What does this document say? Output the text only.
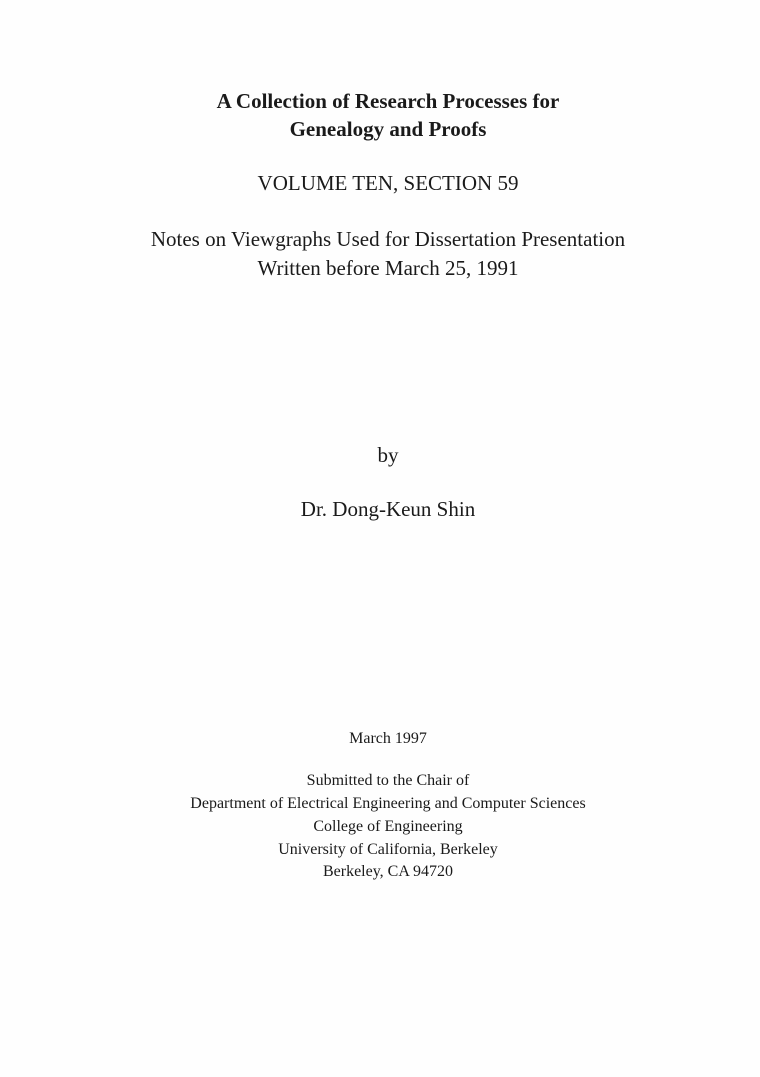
A Collection of Research Processes for
Genealogy and Proofs
VOLUME TEN, SECTION 59
Notes on Viewgraphs Used for Dissertation Presentation
Written before March 25, 1991
by
Dr. Dong-Keun Shin
March 1997
Submitted to the Chair of
Department of Electrical Engineering and Computer Sciences
College of Engineering
University of California, Berkeley
Berkeley, CA 94720
